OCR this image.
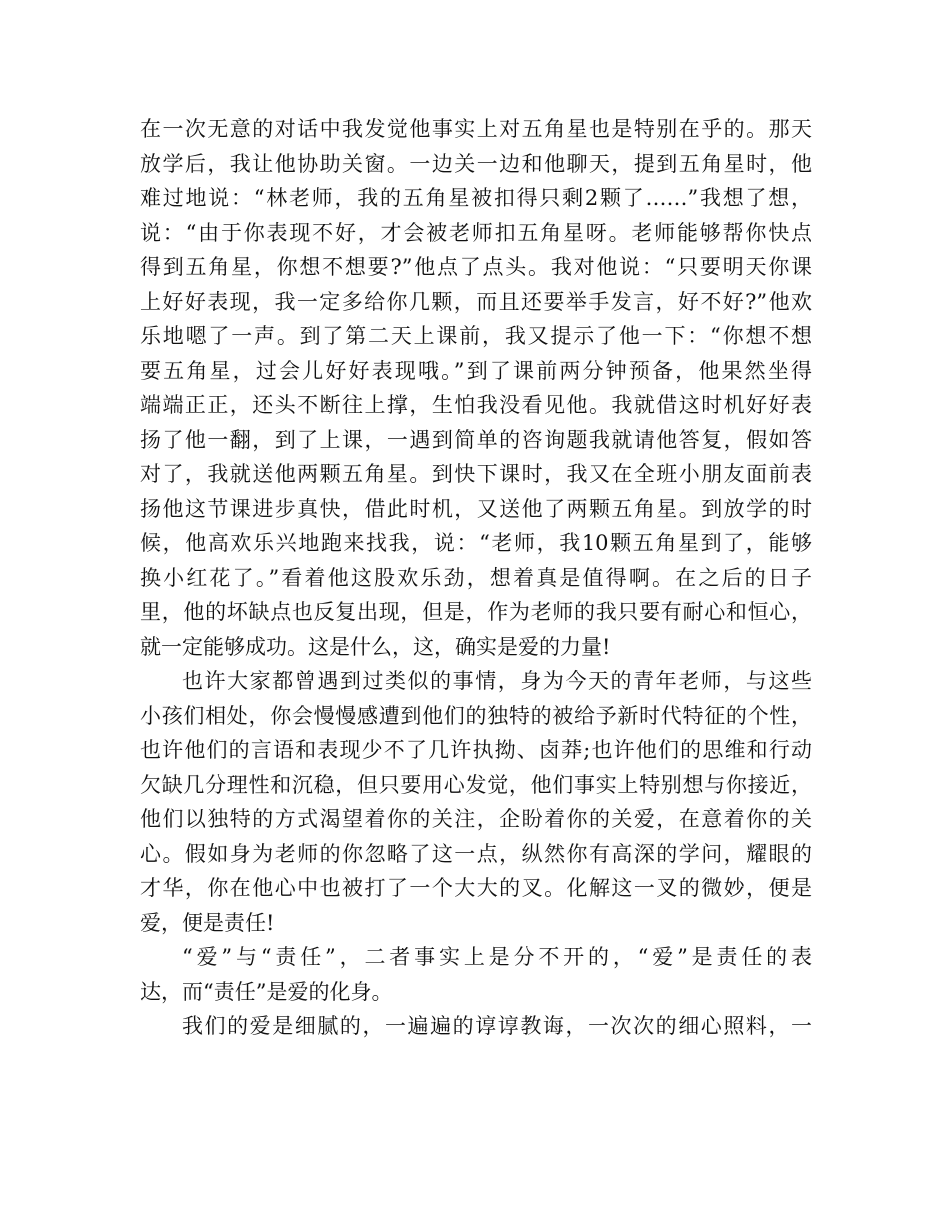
在一次无意的对话中我发觉他事实上对五角星也是特别在乎的。那天
放学后，我让他协助关窗。一边关一边和他聊天，提到五角星时，他
难过地说：“林老师，我的五角星被扣得只剩2颗了……”我想了想，
说：“由于你表现不好，才会被老师扣五角星呀。老师能够帮你快点
得到五角星，你想不想要?”他点了点头。我对他说：“只要明天你课
上好好表现，我一定多给你几颗，而且还要举手发言，好不好?”他欢
乐地嗯了一声。到了第二天上课前，我又提示了他一下：“你想不想
要五角星，过会儿好好表现哦。”到了课前两分钟预备，他果然坐得
端端正正，还头不断往上撑，生怕我没看见他。我就借这时机好好表
扬了他一翻，到了上课，一遇到简单的咨询题我就请他答复，假如答
对了，我就送他两颗五角星。到快下课时，我又在全班小朋友面前表
扬他这节课进步真快，借此时机，又送他了两颗五角星。到放学的时
候，他高欢乐兴地跑来找我，说：“老师，我10颗五角星到了，能够
换小红花了。”看着他这股欢乐劲，想着真是值得啊。在之后的日子
里，他的坏缺点也反复出现，但是，作为老师的我只要有耐心和恒心，
就一定能够成功。这是什么，这，确实是爱的力量!
也许大家都曾遇到过类似的事情，身为今天的青年老师，与这些
小孩们相处，你会慢慢感遭到他们的独特的被给予新时代特征的个性，
也许他们的言语和表现少不了几许执拗、卤莽;也许他们的思维和行动
欠缺几分理性和沉稳，但只要用心发觉，他们事实上特别想与你接近，
他们以独特的方式渴望着你的关注，企盼着你的关爱，在意着你的关
心。假如身为老师的你忽略了这一点，纵然你有高深的学问，耀眼的
才华，你在他心中也被打了一个大大的叉。化解这一叉的微妙，便是
爱，便是责任!
“爱”与“责任”，二者事实上是分不开的，“爱”是责任的表
达，而“责任”是爱的化身。
我们的爱是细腻的，一遍遍的谆谆教诲，一次次的细心照料，一
